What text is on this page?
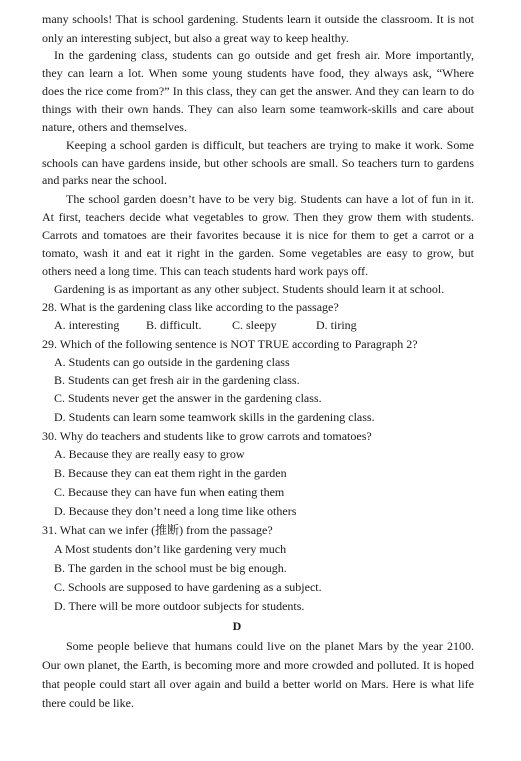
many schools! That is school gardening. Students learn it outside the classroom. It is not
only an interesting subject, but also a great way to keep healthy.
In the gardening class, students can go outside and get fresh air. More importantly,
they can learn a lot. When some young students have food, they always ask, “Where
does the rice come from?” In this class, they can get the answer. And they can learn to do
things with their own hands. They can also learn some teamwork-skills and care about
nature, others and themselves.
Keeping a school garden is difficult, but teachers are trying to make it work. Some
schools can have gardens inside, but other schools are small. So teachers turn to gardens
and parks near the school.
The school garden doesn’t have to be very big. Students can have a lot of fun in it.
At first, teachers decide what vegetables to grow. Then they grow them with students.
Carrots and tomatoes are their favorites because it is nice for them to get a carrot or a
tomato, wash it and eat it right in the garden. Some vegetables are easy to grow, but
others need a long time. This can teach students hard work pays off.
Gardening is as important as any other subject. Students should learn it at school.
28. What is the gardening class like according to the passage?
A. interesting	B. difficult.	C. sleepy	D. tiring
29. Which of the following sentence is NOT TRUE according to Paragraph 2?
A. Students can go outside in the gardening class
B. Students can get fresh air in the gardening class.
C. Students never get the answer in the gardening class.
D. Students can learn some teamwork skills in the gardening class.
30. Why do teachers and students like to grow carrots and tomatoes?
A. Because they are really easy to grow
B. Because they can eat them right in the garden
C. Because they can have fun when eating them
D. Because they don’t need a long time like others
31. What can we infer (推断) from the passage?
A Most students don’t like gardening very much
B. The garden in the school must be big enough.
C. Schools are supposed to have gardening as a subject.
D. There will be more outdoor subjects for students.
D
Some people believe that humans could live on the planet Mars by the year 2100.
Our own planet, the Earth, is becoming more and more crowded and polluted. It is hoped
that people could start all over again and build a better world on Mars. Here is what life
there could be like.
